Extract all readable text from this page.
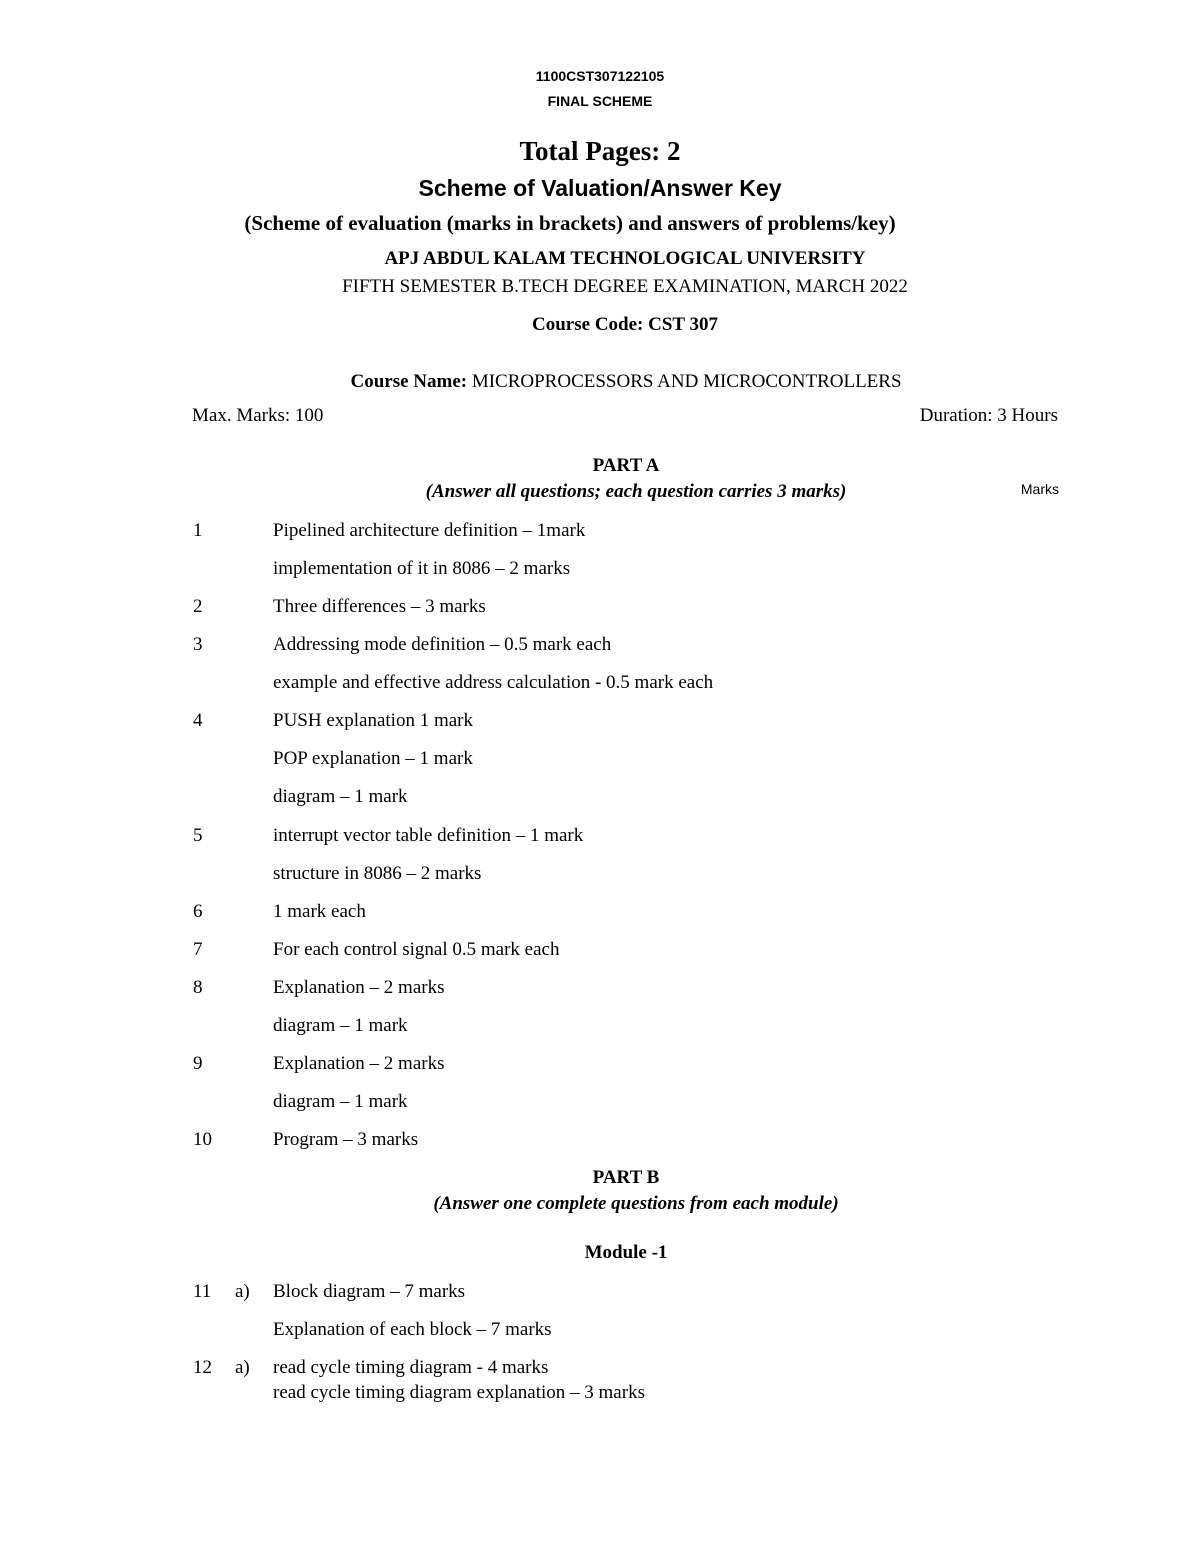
1100CST307122105
FINAL SCHEME
Total Pages: 2
Scheme of Valuation/Answer Key
(Scheme of evaluation (marks in brackets) and answers of problems/key)
APJ ABDUL KALAM TECHNOLOGICAL UNIVERSITY
FIFTH SEMESTER B.TECH DEGREE EXAMINATION, MARCH 2022
Course Code: CST 307
Course Name: MICROPROCESSORS AND MICROCONTROLLERS
Max. Marks: 100	Duration: 3 Hours
PART A
(Answer all questions; each question carries 3 marks)	Marks
1	Pipelined architecture definition – 1mark
implementation of it in 8086 – 2 marks
2	Three differences – 3 marks
3	Addressing mode definition – 0.5 mark each
example and effective address calculation - 0.5 mark each
4	PUSH explanation 1 mark
POP explanation – 1 mark
diagram – 1 mark
5	interrupt vector table definition – 1 mark
structure in 8086 – 2 marks
6	1 mark each
7	For each control signal 0.5 mark each
8	Explanation – 2 marks
diagram – 1 mark
9	Explanation – 2 marks
diagram – 1 mark
10	Program – 3 marks
PART B
(Answer one complete questions from each module)
Module -1
11 a) Block diagram – 7 marks
Explanation of each block – 7 marks
12 a) read cycle timing diagram - 4 marks
read cycle timing diagram explanation – 3 marks
